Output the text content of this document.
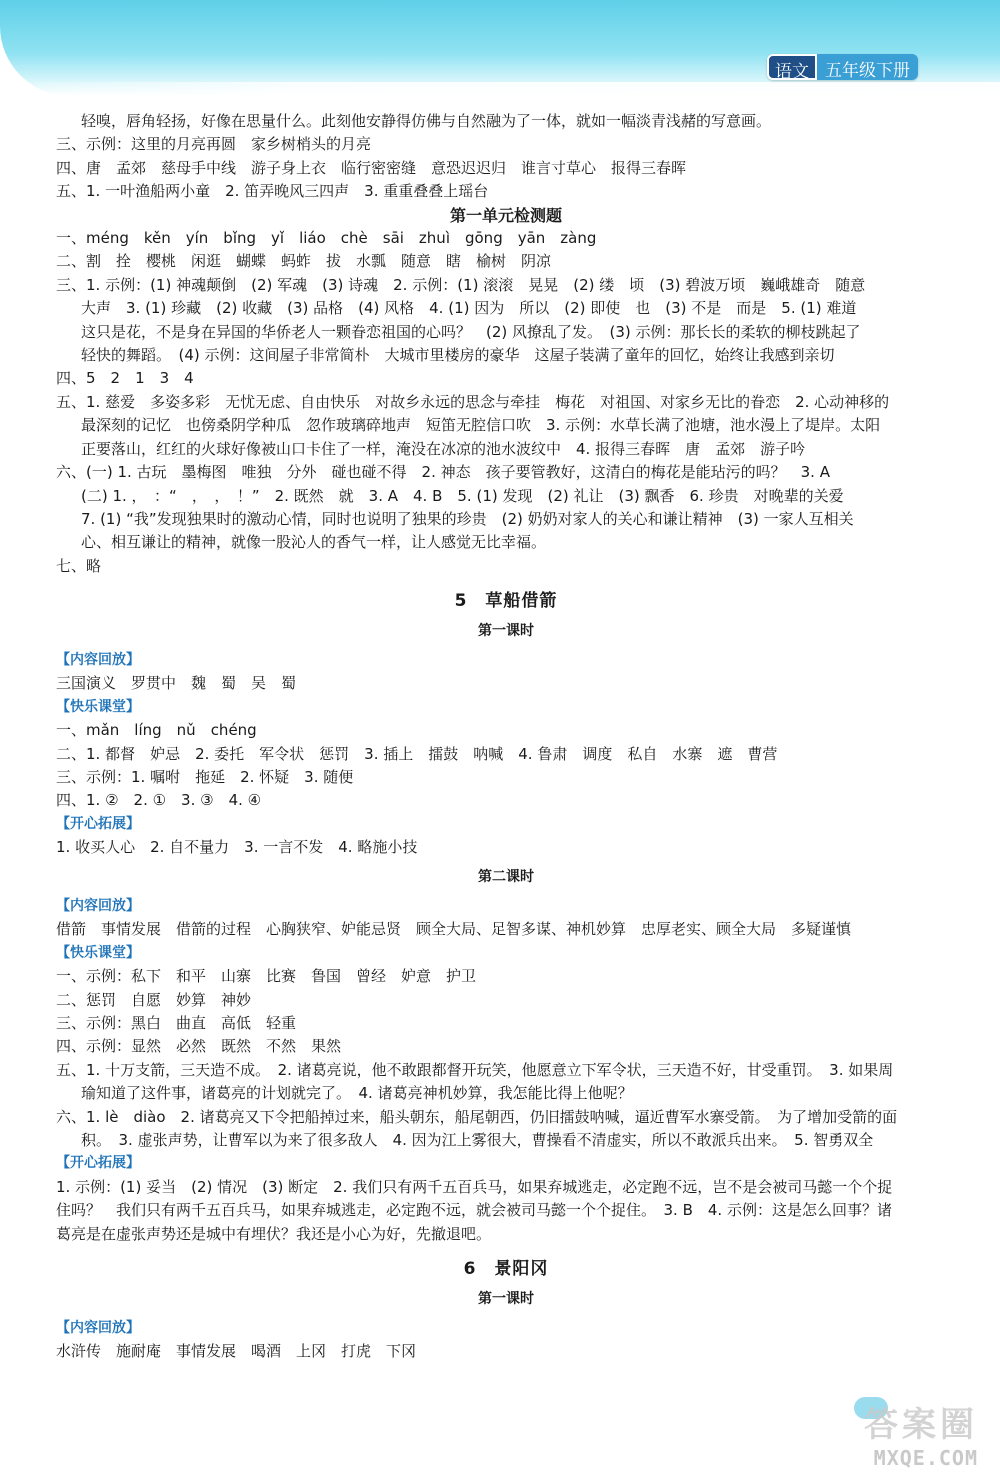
语文 五年级下册
轻嗅，唇角轻扬，好像在思量什么。此刻他安静得仿佛与自然融为了一体，就如一幅淡青浅赭的写意画。
三、示例：这里的月亮再圆　家乡树梢头的月亮
四、唐　孟郊　慈母手中线　游子身上衣　临行密密缝　意恐迟迟归　谁言寸草心　报得三春晖
五、1. 一叶渔船两小童　2. 笛弄晚风三四声　3. 重重叠叠上瑶台
第一单元检测题
一、méng　kěn　yín　bǐng　yǐ　liáo　chè　sāi　zhuì　gōng　yān　zàng
二、割　拴　樱桃　闲逛　蝴蝶　蚂蚱　拔　水瓢　随意　瞎　榆树　阴凉
三、1. 示例：(1) 神魂颠倒　(2) 军魂　(3) 诗魂　2. 示例：(1) 滚滚　晃晃　(2) 缕　顷　(3) 碧波万顷　巍峨雄奇　随意
大声　3. (1) 珍藏　(2) 收藏　(3) 品格　(4) 风格　4. (1) 因为　所以　(2) 即使　也　(3) 不是　而是　5. (1) 难道
这只是花，不是身在异国的华侨老人一颗眷恋祖国的心吗？　(2) 风撩乱了发。　(3) 示例：那长长的柔软的柳枝跳起了
轻快的舞蹈。　(4) 示例：这间屋子非常简朴　大城市里楼房的豪华　这屋子装满了童年的回忆，始终让我感到亲切
四、5　2　1　3　4
五、1. 慈爱　多姿多彩　无忧无虑、自由快乐　对故乡永远的思念与牵挂　梅花　对祖国、对家乡无比的眷恋　2. 心动神移的
最深刻的记忆　也傍桑阴学种瓜　忽作玻璃碎地声　短笛无腔信口吹　3. 示例：水草长满了池塘，池水漫上了堤岸。太阳
正要落山，红红的火球好像被山口卡住了一样，淹没在冰凉的池水波纹中　4. 报得三春晖　唐　孟郊　游子吟
六、(一) 1. 古玩　墨梅图　唯独　分外　碰也碰不得　2. 神态　孩子要管教好，这清白的梅花是能玷污的吗？　3. A
(二) 1. ，　：“　，　，　！”　2. 既然　就　3. A　4. B　5. (1) 发现　(2) 礼让　(3) 飘香　6. 珍贵　对晚辈的关爱
7. (1) “我”发现独果时的激动心情，同时也说明了独果的珍贵　(2) 奶奶对家人的关心和谦让精神　(3) 一家人互相关
心、相互谦让的精神，就像一股沁人的香气一样，让人感觉无比幸福。
七、略
5　草船借箭
第一课时
【内容回放】
三国演义　罗贯中　魏　蜀　吴　蜀
【快乐课堂】
一、mǎn　líng　nǔ　chéng
二、1. 都督　妒忌　2. 委托　军令状　惩罚　3. 插上　擂鼓　呐喊　4. 鲁肃　调度　私自　水寨　遮　曹营
三、示例：1. 嘱咐　拖延　2. 怀疑　3. 随便
四、1. ②　2. ①　3. ③　4. ④
【开心拓展】
1. 收买人心　2. 自不量力　3. 一言不发　4. 略施小技
第二课时
【内容回放】
借箭　事情发展　借箭的过程　心胸狭窄、妒能忌贤　顾全大局、足智多谋、神机妙算　忠厚老实、顾全大局　多疑谨慎
【快乐课堂】
一、示例：私下　和平　山寨　比赛　鲁国　曾经　妒意　护卫
二、惩罚　自愿　妙算　神妙
三、示例：黑白　曲直　高低　轻重
四、示例：显然　必然　既然　不然　果然
五、1. 十万支箭，三天造不成。　2. 诸葛亮说，他不敢跟都督开玩笑，他愿意立下军令状，三天造不好，甘受重罚。　3. 如果周
瑜知道了这件事，诸葛亮的计划就完了。　4. 诸葛亮神机妙算，我怎能比得上他呢？
六、1. lè　diào　2. 诸葛亮又下令把船掉过来，船头朝东，船尾朝西，仍旧擂鼓呐喊，逼近曹军水寨受箭。　为了增加受箭的面
积。　3. 虚张声势，让曹军以为来了很多敌人　4. 因为江上雾很大，曹操看不清虚实，所以不敢派兵出来。　5. 智勇双全
【开心拓展】
1. 示例：(1) 妥当　(2) 情况　(3) 断定　2. 我们只有两千五百兵马，如果弃城逃走，必定跑不远，岂不是会被司马懿一个个捉
住吗？　我们只有两千五百兵马，如果弃城逃走，必定跑不远，就会被司马懿一个个捉住。　3. B　4. 示例：这是怎么回事？诸
葛亮是在虚张声势还是城中有埋伏？我还是小心为好，先撤退吧。
6　景阳冈
第一课时
【内容回放】
水浒传　施耐庵　事情发展　喝酒　上冈　打虎　下冈
答案圈
MXQE.COM
